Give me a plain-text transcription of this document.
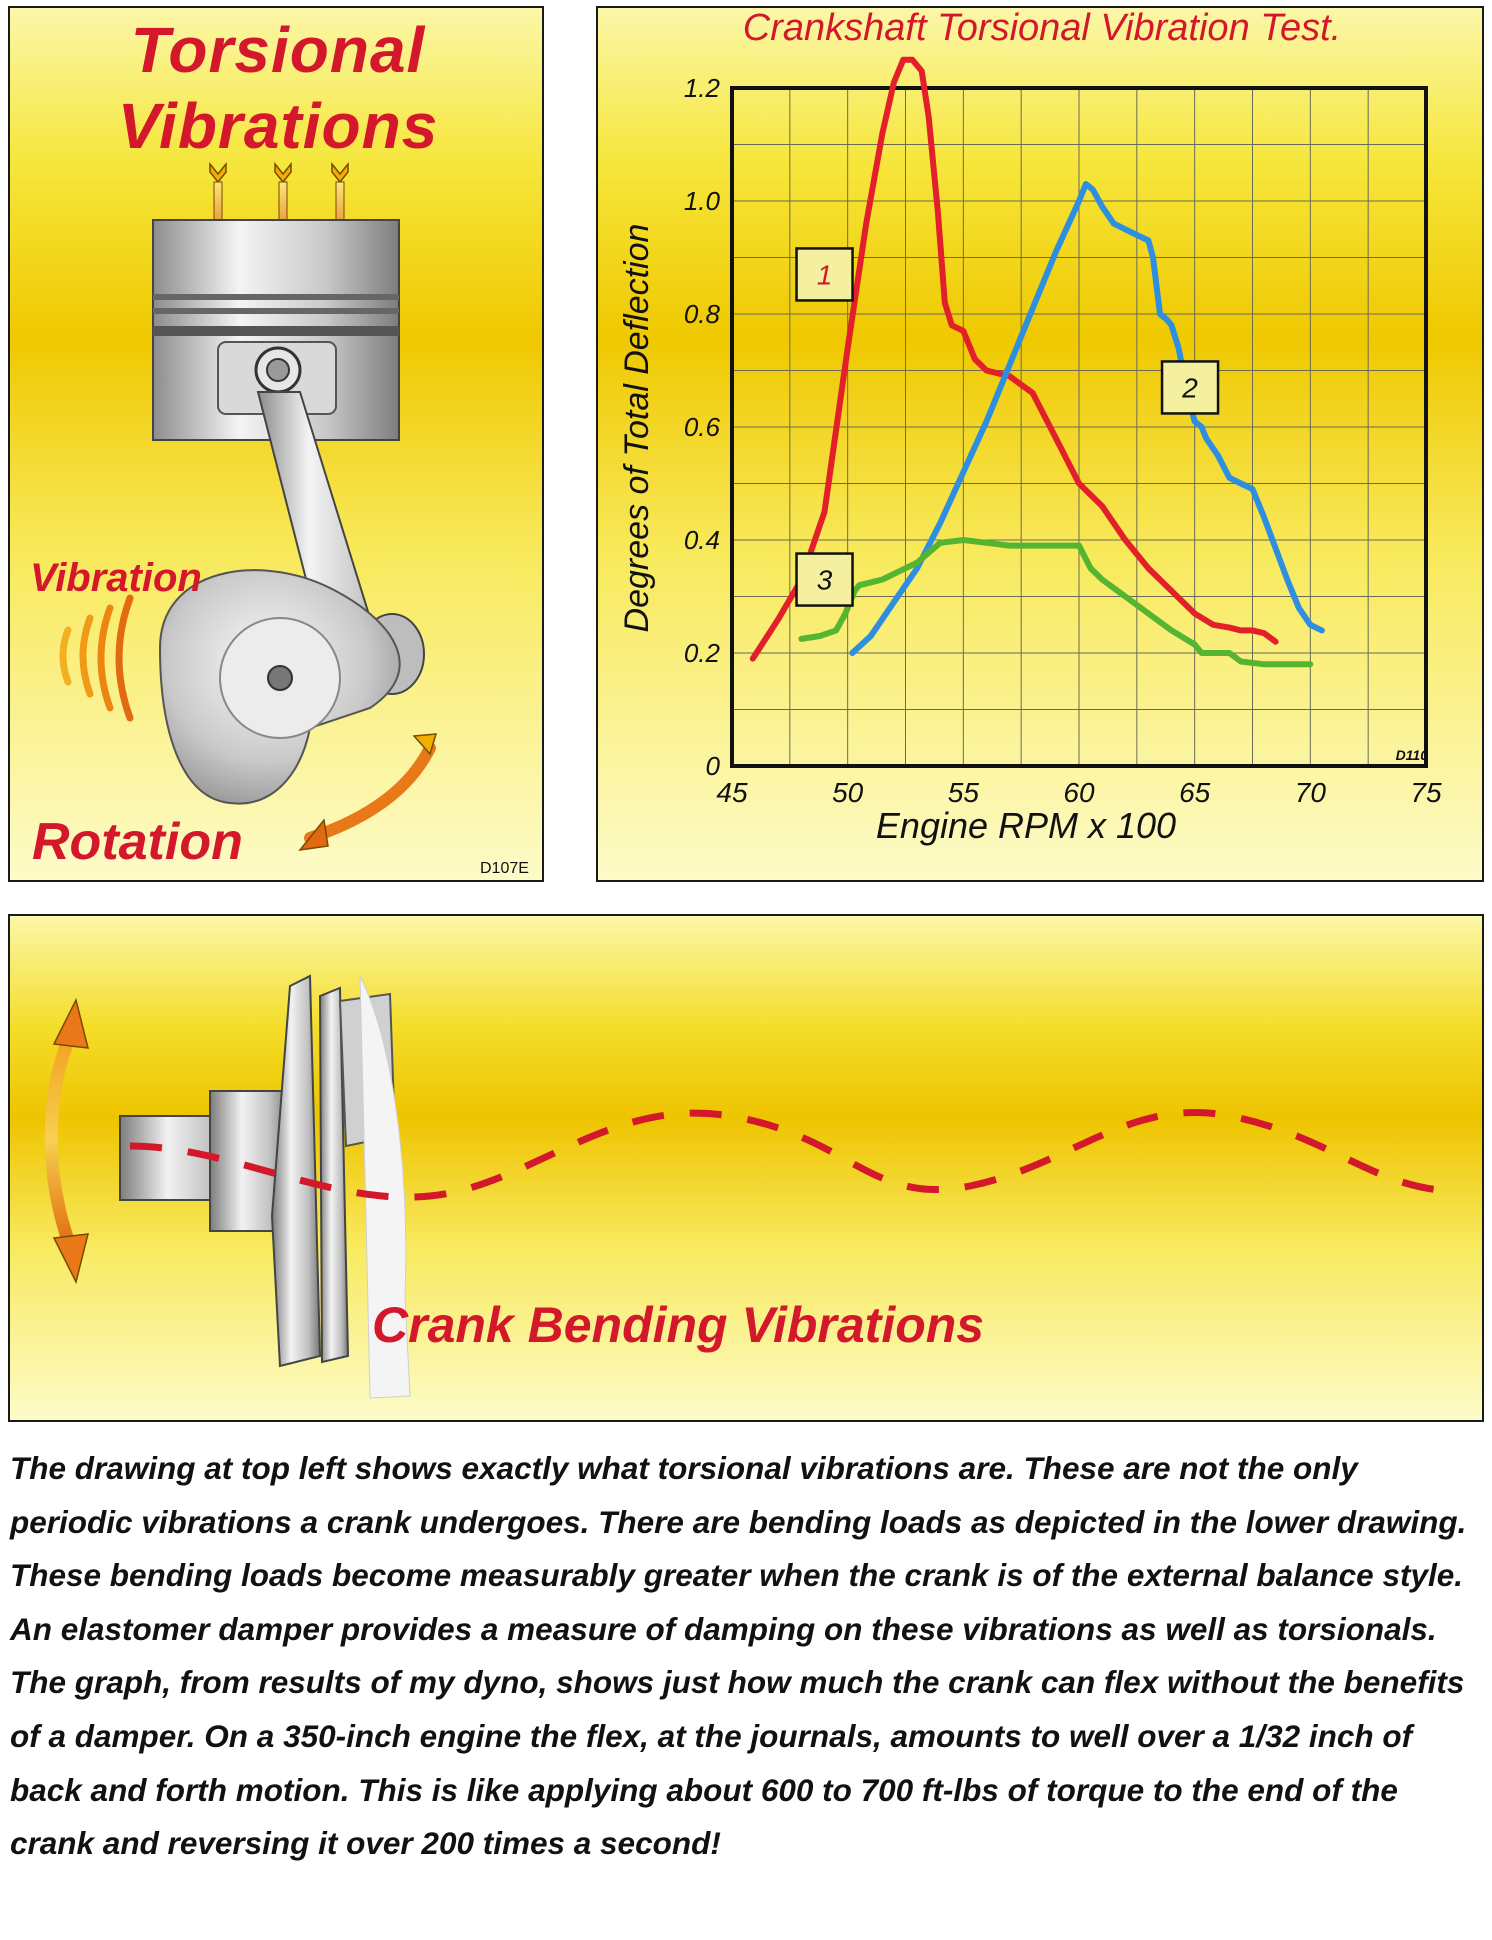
Torsional
Vibrations
Vibration
Rotation	D107E
Crankshaft Torsional Vibration Test.
0
0.2
0.4
0.6
0.8
1.0
1.2
45	50	55	60	65	70	75
1
2
3
Degrees of Total Deflection
Engine RPM x 100
D110
Crank Bending Vibrations
The drawing at top left shows exactly what torsional vibrations are. These are not the only periodic vibrations a crank undergoes. There are bending loads as depicted in the lower drawing. These bending loads become measurably greater when the crank is of the external balance style. An elastomer damper provides a measure of damping on these vibrations as well as torsionals. The graph, from results of my dyno, shows just how much the crank can flex without the benefits of a damper. On a 350-inch engine the flex, at the journals, amounts to well over a 1/32 inch of back and forth motion. This is like applying about 600 to 700 ft-lbs of torque to the end of the crank and reversing it over 200 times a second!
